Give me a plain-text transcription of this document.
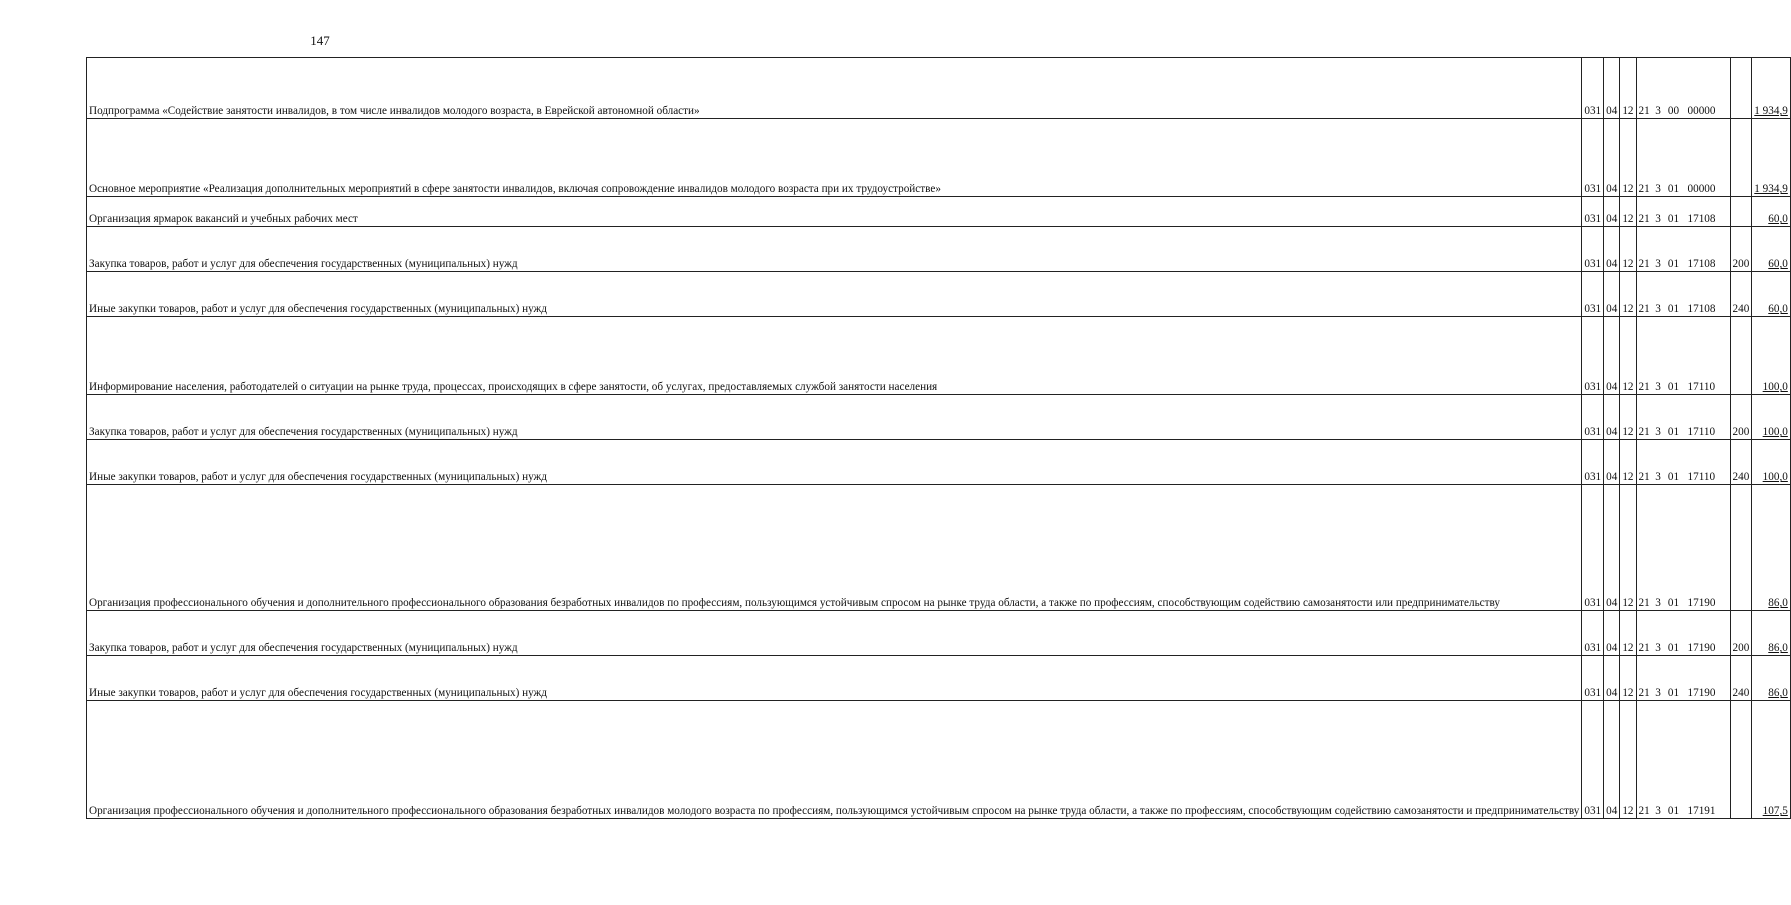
147
Подпрограмма «Содействие занятости инвалидов, в том числе инвалидов молодого возраста, в Еврейской автономной области»	031	04	12	21 3 00 00000		1 934,9
Основное мероприятие «Реализация дополнительных мероприятий в сфере занятости инвалидов, включая сопровождение инвалидов молодого возраста при их трудоустройстве»	031	04	12	21 3 01 00000		1 934,9
Организация ярмарок вакансий и учебных рабочих мест	031	04	12	21 3 01 17108		60,0
Закупка товаров, работ и услуг для обеспечения государственных (муниципальных) нужд	031	04	12	21 3 01 17108	200	60,0
Иные закупки товаров, работ и услуг для обеспечения государственных (муниципальных) нужд	031	04	12	21 3 01 17108	240	60,0
Информирование населения, работодателей о ситуации на рынке труда, процессах, происходящих в сфере занятости, об услугах, предоставляемых службой занятости населения	031	04	12	21 3 01 17110		100,0
Закупка товаров, работ и услуг для обеспечения государственных (муниципальных) нужд	031	04	12	21 3 01 17110	200	100,0
Иные закупки товаров, работ и услуг для обеспечения государственных (муниципальных) нужд	031	04	12	21 3 01 17110	240	100,0
Организация профессионального обучения и дополнительного профессионального образования безработных инвалидов по профессиям, пользующимся устойчивым спросом на рынке труда области, а также по профессиям, способствующим содействию самозанятости или предпринимательству	031	04	12	21 3 01 17190		86,0
Закупка товаров, работ и услуг для обеспечения государственных (муниципальных) нужд	031	04	12	21 3 01 17190	200	86,0
Иные закупки товаров, работ и услуг для обеспечения государственных (муниципальных) нужд	031	04	12	21 3 01 17190	240	86,0
Организация профессионального обучения и дополнительного профессионального образования безработных инвалидов молодого возраста по профессиям, пользующимся устойчивым спросом на рынке труда области, а также по профессиям, способствующим содействию самозанятости и предпринимательству	031	04	12	21 3 01 17191		107,5
